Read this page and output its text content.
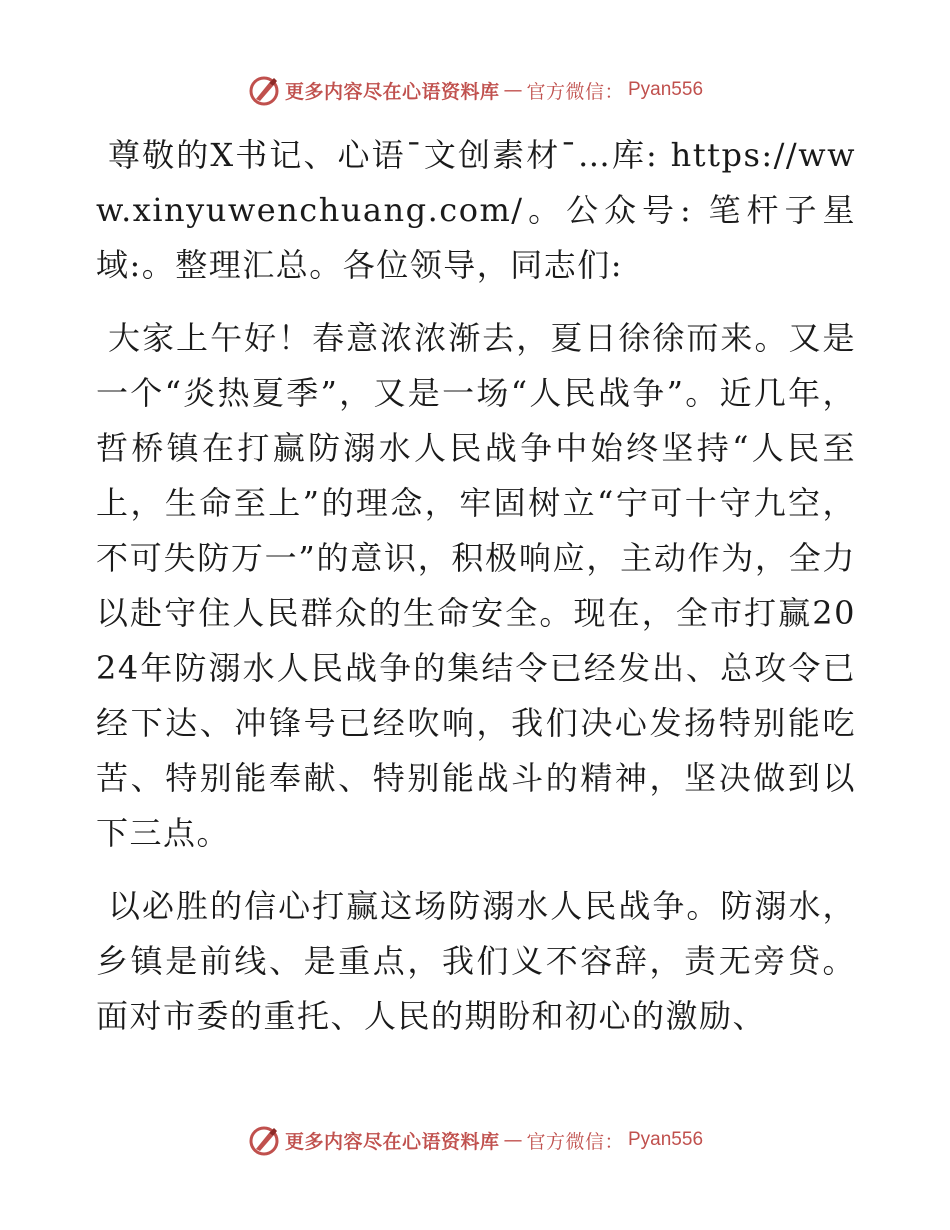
更多内容尽在心语资料库 — 官方微信： Pyan556

尊敬的X书记、心语¯文创素材¯…库: https://www.xinyuwenchuang.com/。公众号: 笔杆子星域:。整理汇总。各位领导，同志们:

大家上午好！春意浓浓渐去，夏日徐徐而来。又是一个“炎热夏季”，又是一场“人民战争”。近几年，哲桥镇在打赢防溺水人民战争中始终坚持“人民至上，生命至上”的理念，牢固树立“宁可十守九空，不可失防万一”的意识，积极响应，主动作为，全力以赴守住人民群众的生命安全。现在，全市打赢2024年防溺水人民战争的集结令已经发出、总攻令已经下达、冲锋号已经吹响，我们决心发扬特别能吃苦、特别能奉献、特别能战斗的精神，坚决做到以下三点。

以必胜的信心打赢这场防溺水人民战争。防溺水，乡镇是前线、是重点，我们义不容辞，责无旁贷。面对市委的重托、人民的期盼和初心的激励、

更多内容尽在心语资料库 — 官方微信： Pyan556
